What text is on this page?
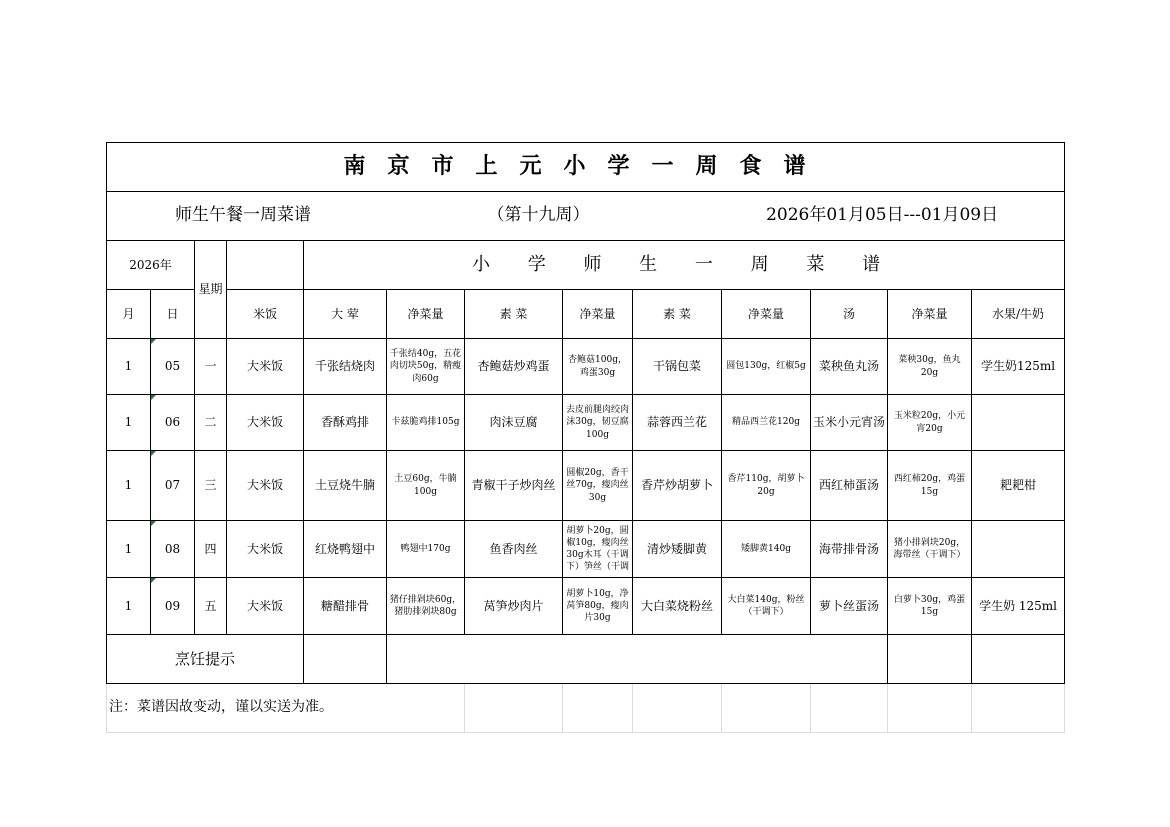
南京市上元小学一周食谱												

师生午餐一周菜谱 （第十九周） 2026年01月05日---01月09日												

2026年		星期		小 学 师 生 一 周 菜 谱								
月	日		米饭	大 荤	净菜量	素 菜	净菜量	素 菜	净菜量	汤	净菜量	水果/牛奶
1	05	一	大米饭	千张结烧肉	千张结40g，五花肉切块50g，精瘦肉60g	杏鲍菇炒鸡蛋	杏鲍菇100g，鸡蛋30g	干锅包菜	圆包130g，红椒5g	菜秧鱼丸汤	菜秧30g，鱼丸20g	学生奶125ml
1	06	二	大米饭	香酥鸡排	卡兹脆鸡排105g	肉沫豆腐	去皮前腿肉绞肉沫30g，韧豆腐100g	蒜蓉西兰花	精品西兰花120g	玉米小元宵汤	玉米粒20g，小元宵20g	
1	07	三	大米饭	土豆烧牛腩	土豆60g，牛腩100g	青椒干子炒肉丝	圆椒20g，香干丝70g，瘦肉丝30g	香芹炒胡萝卜	香芹110g，胡萝卜20g	西红柿蛋汤	西红柿20g，鸡蛋15g	耙耙柑
1	08	四	大米饭	红烧鸭翅中	鸭翅中170g	鱼香肉丝	胡萝卜20g，圆椒10g，瘦肉丝30g木耳（干调下）笋丝（干调	清炒矮脚黄	矮脚黄140g	海带排骨汤	猪小排剁块20g，海带丝（干调下）	
1	09	五	大米饭	糖醋排骨	猪仔排剁块60g，猪肋排剁块80g	莴笋炒肉片	胡萝卜10g，净莴笋80g，瘦肉片30g	大白菜烧粉丝	大白菜140g，粉丝（干调下）	萝卜丝蛋汤	白萝卜30g，鸡蛋15g	学生奶 125ml
烹饪提示												
注：菜谱因故变动，谨以实送为准。												
